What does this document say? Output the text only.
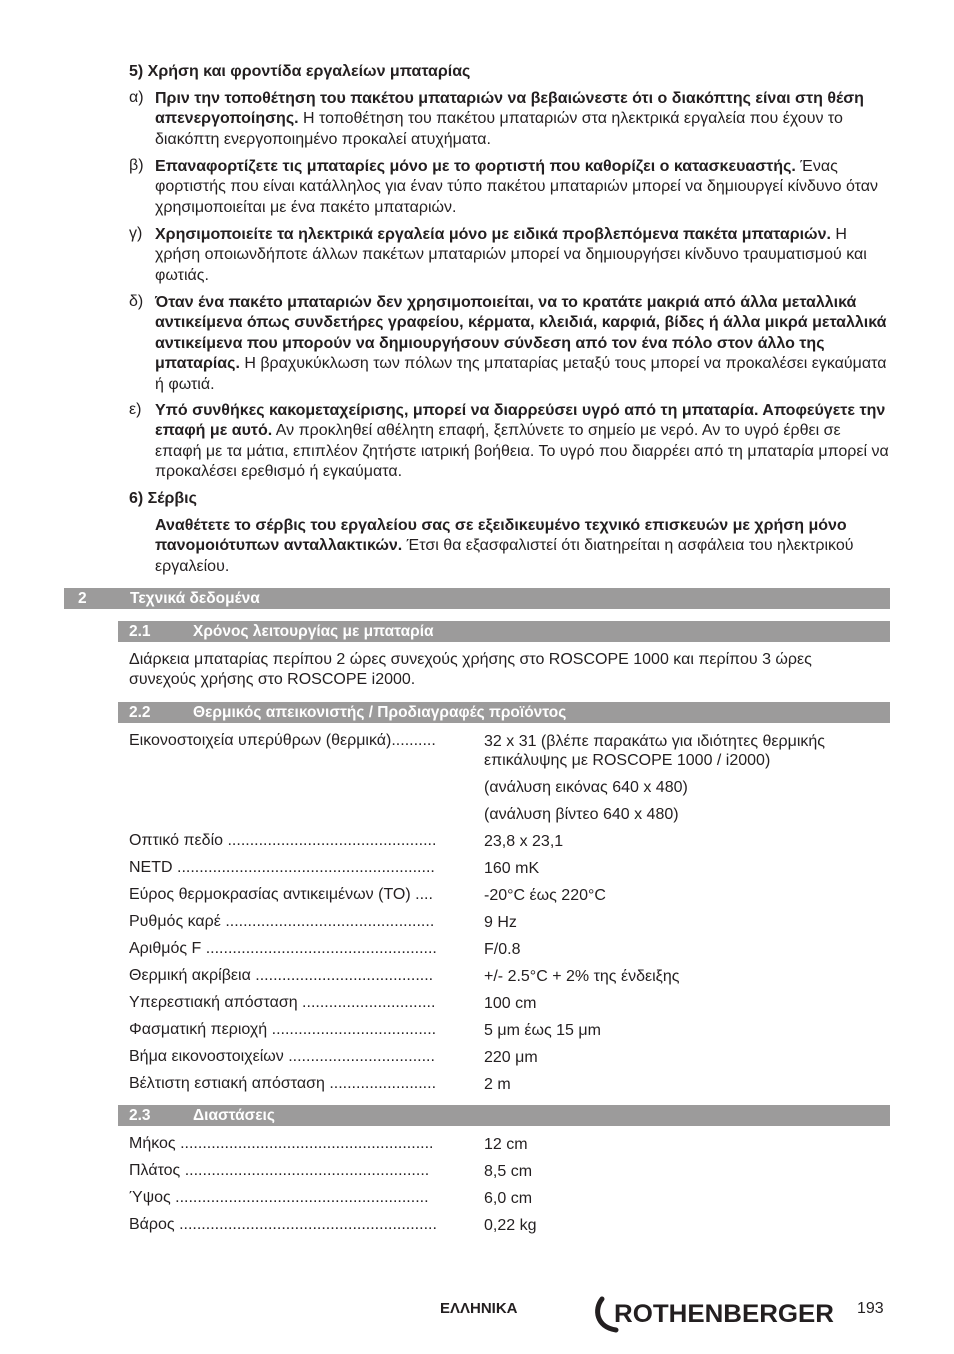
5) Χρήση και φροντίδα εργαλείων μπαταρίας
α) Πριν την τοποθέτηση του πακέτου μπαταριών να βεβαιώνεστε ότι ο διακόπτης είναι στη θέση απενεργοποίησης. Η τοποθέτηση του πακέτου μπαταριών στα ηλεκτρικά εργαλεία που έχουν το διακόπτη ενεργοποιημένο προκαλεί ατυχήματα.
β) Επαναφορτίζετε τις μπαταρίες μόνο με το φορτιστή που καθορίζει ο κατασκευαστής. Ένας φορτιστής που είναι κατάλληλος για έναν τύπο πακέτου μπαταριών μπορεί να δημιουργεί κίνδυνο όταν χρησιμοποιείται με ένα πακέτο μπαταριών.
γ) Χρησιμοποιείτε τα ηλεκτρικά εργαλεία μόνο με ειδικά προβλεπόμενα πακέτα μπαταριών. Η χρήση οποιωνδήποτε άλλων πακέτων μπαταριών μπορεί να δημιουργήσει κίνδυνο τραυματισμού και φωτιάς.
δ) Όταν ένα πακέτο μπαταριών δεν χρησιμοποιείται, να το κρατάτε μακριά από άλλα μεταλλικά αντικείμενα όπως συνδετήρες γραφείου, κέρματα, κλειδιά, καρφιά, βίδες ή άλλα μικρά μεταλλικά αντικείμενα που μπορούν να δημιουργήσουν σύνδεση από τον ένα πόλο στον άλλο της μπαταρίας. Η βραχυκύκλωση των πόλων της μπαταρίας μεταξύ τους μπορεί να προκαλέσει εγκαύματα ή φωτιά.
ε) Υπό συνθήκες κακομεταχείρισης, μπορεί να διαρρεύσει υγρό από τη μπαταρία. Αποφεύγετε την επαφή με αυτό. Αν προκληθεί αθέλητη επαφή, ξεπλύνετε το σημείο με νερό. Αν το υγρό έρθει σε επαφή με τα μάτια, επιπλέον ζητήστε ιατρική βοήθεια. Το υγρό που διαρρέει από τη μπαταρία μπορεί να προκαλέσει ερεθισμό ή εγκαύματα.
6) Σέρβις
Αναθέτετε το σέρβις του εργαλείου σας σε εξειδικευμένο τεχνικό επισκευών με χρήση μόνο πανομοιότυπων ανταλλακτικών. Έτσι θα εξασφαλιστεί ότι διατηρείται η ασφάλεια του ηλεκτρικού εργαλείου.
2	Τεχνικά δεδομένα
2.1	Χρόνος λειτουργίας με μπαταρία
Διάρκεια μπαταρίας περίπου 2 ώρες συνεχούς χρήσης στο ROSCOPE 1000 και περίπου 3 ώρες συνεχούς χρήσης στο ROSCOPE i2000.
2.2	Θερμικός απεικονιστής / Προδιαγραφές προϊόντος
Εικονοστοιχεία υπερύθρων (θερμικά)..........	32 x 31 (βλέπε παρακάτω για ιδιότητες θερμικής
επικάλυψης με ROSCOPE 1000 / i2000)
(ανάλυση εικόνας 640 x 480)
(ανάλυση βίντεο 640 x 480)
Οπτικό πεδίο ...............................................	23,8 x 23,1
NETD ..........................................................	160 mK
Εύρος θερμοκρασίας αντικειμένων (TO) ....	-20°C έως 220°C
Ρυθμός καρέ ...............................................	9 Hz
Αριθμός F ....................................................	F/0.8
Θερμική ακρίβεια ........................................	+/- 2.5°C + 2% της ένδειξης
Υπερεστιακή απόσταση ..............................	100 cm
Φασματική περιοχή .....................................	5 μm έως 15 μm
Βήμα εικονοστοιχείων .................................	220 μm
Βέλτιστη εστιακή απόσταση ........................	2 m
2.3	Διαστάσεις
Μήκος .........................................................	12 cm
Πλάτος .......................................................	8,5 cm
Ύψος .........................................................	6,0 cm
Βάρος ..........................................................	0,22 kg
ΕΛΛΗΝΙΚΑ	ROTHENBERGER 193
